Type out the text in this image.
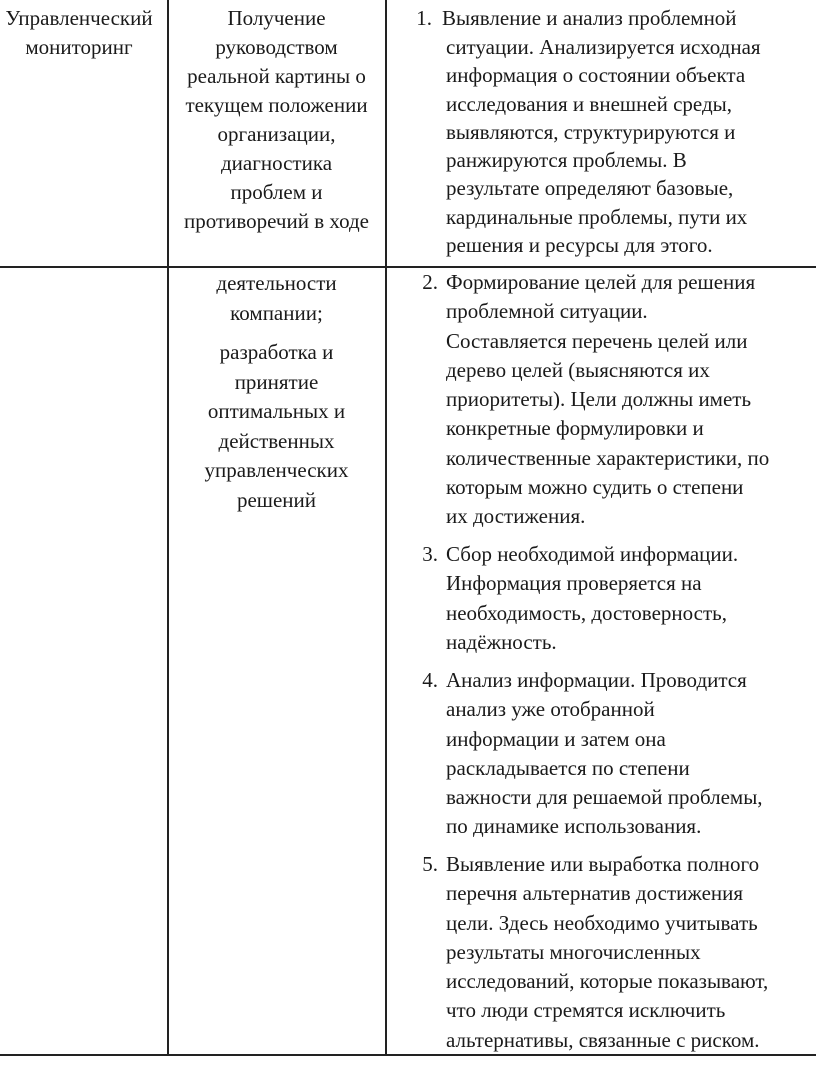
Управленческий
мониторинг
Получение
руководством
реальной картины о
текущем положении
организации,
диагностика
проблем и
противоречий в ходе
1. Выявление и анализ проблемной
ситуации. Анализируется исходная
информация о состоянии объекта
исследования и внешней среды,
выявляются, структурируются и
ранжируются проблемы. В
результате определяют базовые,
кардинальные проблемы, пути их
решения и ресурсы для этого.
деятельности
компании;
разработка и
принятие
оптимальных и
действенных
управленческих
решений
2. Формирование целей для решения
проблемной ситуации.
Составляется перечень целей или
дерево целей (выясняются их
приоритеты). Цели должны иметь
конкретные формулировки и
количественные характеристики, по
которым можно судить о степени
их достижения.
3. Сбор необходимой информации.
Информация проверяется на
необходимость, достоверность,
надёжность.
4. Анализ информации. Проводится
анализ уже отобранной
информации и затем она
раскладывается по степени
важности для решаемой проблемы,
по динамике использования.
5. Выявление или выработка полного
перечня альтернатив достижения
цели. Здесь необходимо учитывать
результаты многочисленных
исследований, которые показывают,
что люди стремятся исключить
альтернативы, связанные с риском.
